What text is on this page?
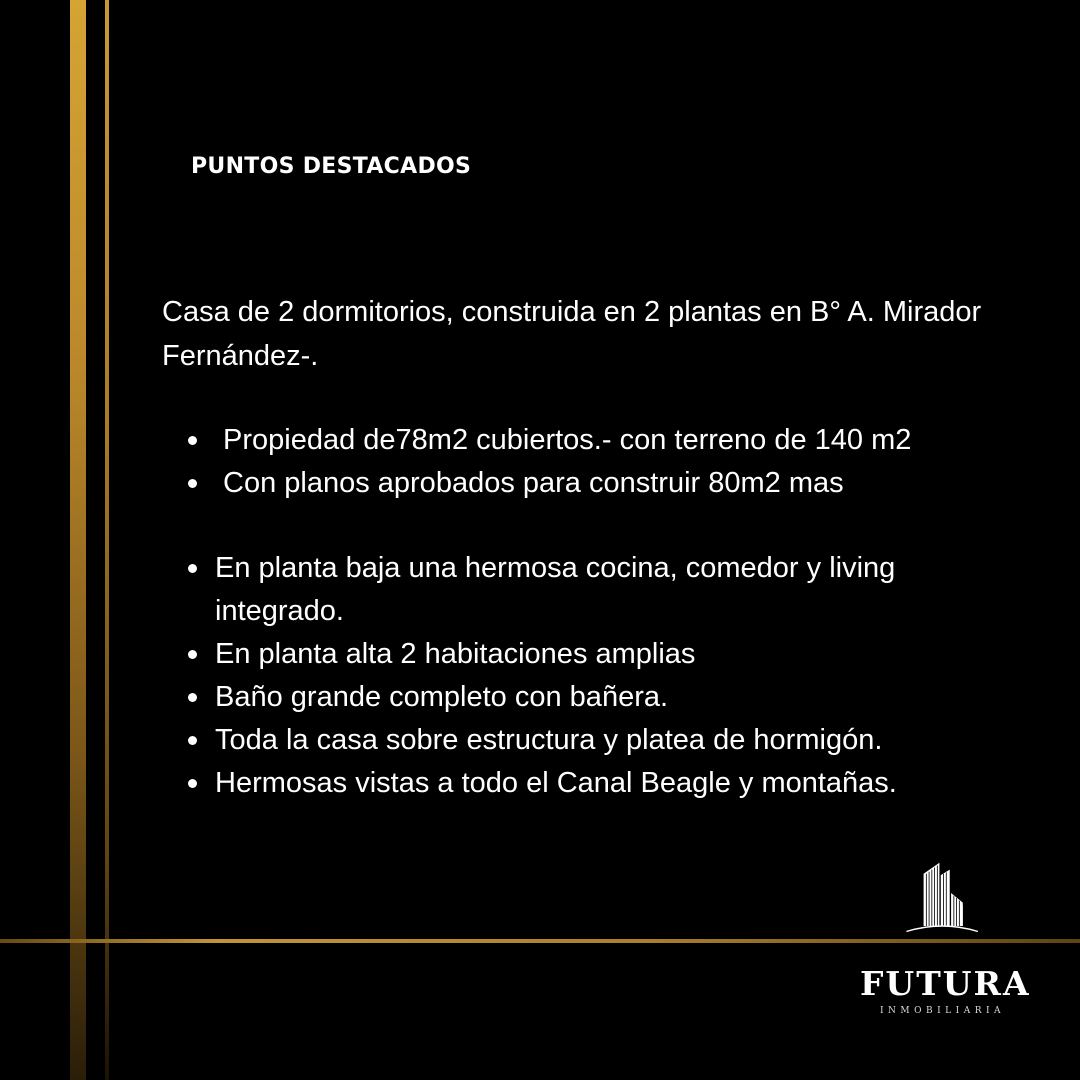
PUNTOS DESTACADOS
Casa de 2 dormitorios, construida en 2 plantas en B° A. Mirador Fernández-.
Propiedad de78m2 cubiertos.- con terreno de 140 m2
Con planos aprobados para construir 80m2 mas
En planta baja una hermosa cocina, comedor y living integrado.
En planta alta 2 habitaciones amplias
Baño grande completo con bañera.
Toda la casa sobre estructura y platea de hormigón.
Hermosas vistas a todo el Canal Beagle y montañas.
FUTURA
INMOBILIARIA
